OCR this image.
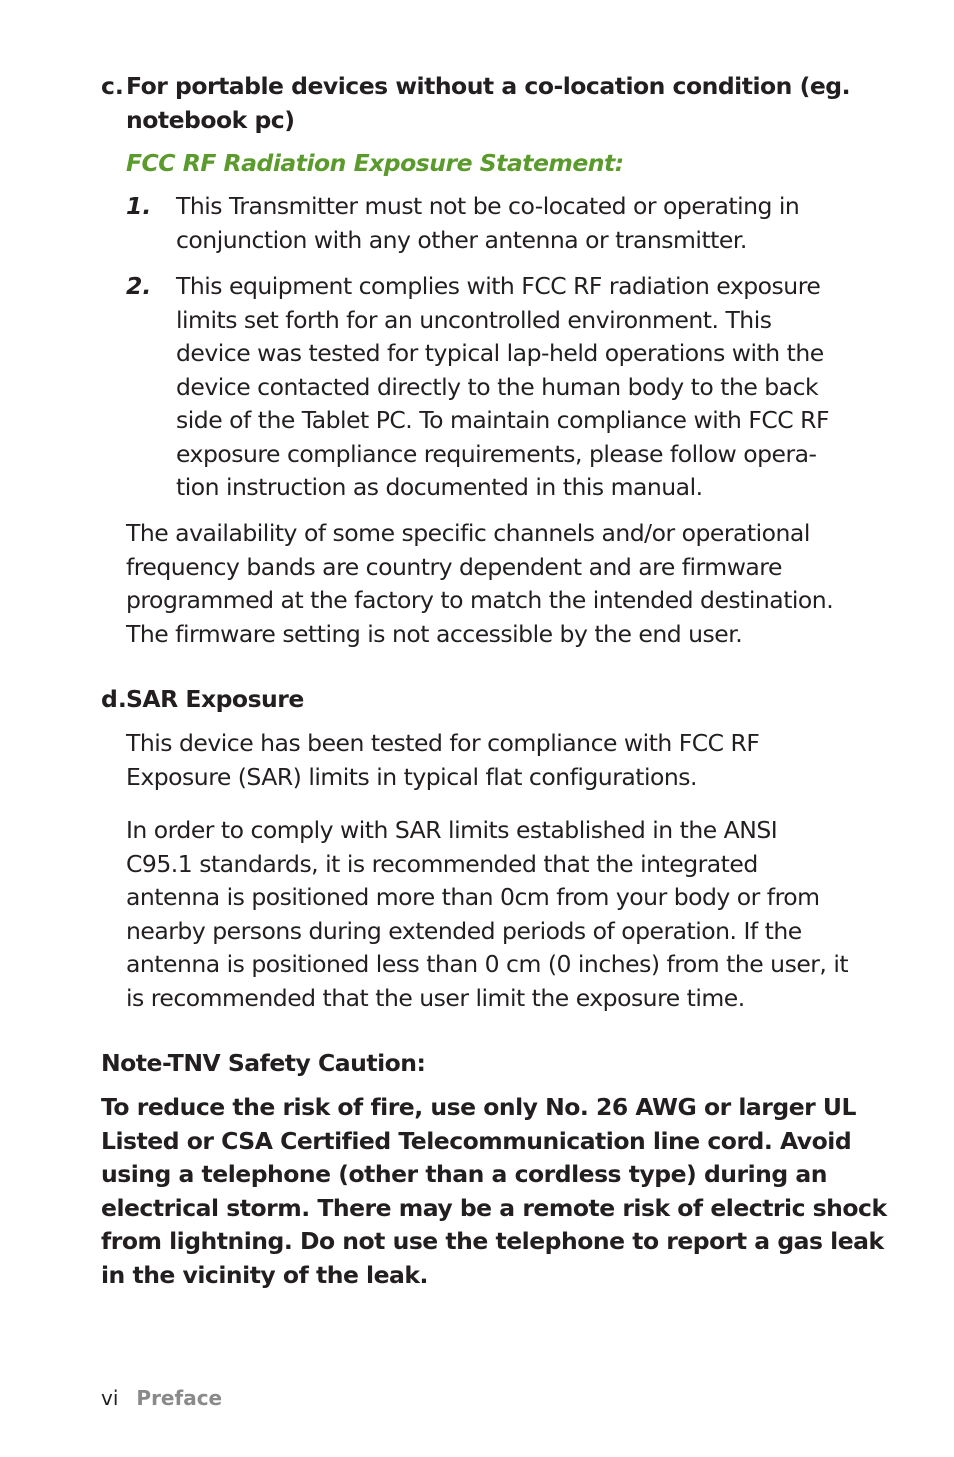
c. For portable devices without a co-location condition (eg.
notebook pc)
FCC RF Radiation Exposure Statement:
1. This Transmitter must not be co-located or operating in
conjunction with any other antenna or transmitter.
2. This equipment complies with FCC RF radiation exposure
limits set forth for an uncontrolled environment. This
device was tested for typical lap-held operations with the
device contacted directly to the human body to the back
side of the Tablet PC. To maintain compliance with FCC RF
exposure compliance requirements, please follow opera-
tion instruction as documented in this manual.
The availability of some specific channels and/or operational
frequency bands are country dependent and are firmware
programmed at the factory to match the intended destination.
The firmware setting is not accessible by the end user.
d. SAR Exposure
This device has been tested for compliance with FCC RF
Exposure (SAR) limits in typical flat configurations.
In order to comply with SAR limits established in the ANSI
C95.1 standards, it is recommended that the integrated
antenna is positioned more than 0cm from your body or from
nearby persons during extended periods of operation. If the
antenna is positioned less than 0 cm (0 inches) from the user, it
is recommended that the user limit the exposure time.
Note-TNV Safety Caution:
To reduce the risk of fire, use only No. 26 AWG or larger UL
Listed or CSA Certified Telecommunication line cord. Avoid
using a telephone (other than a cordless type) during an
electrical storm. There may be a remote risk of electric shock
from lightning. Do not use the telephone to report a gas leak
in the vicinity of the leak.
vi Preface
